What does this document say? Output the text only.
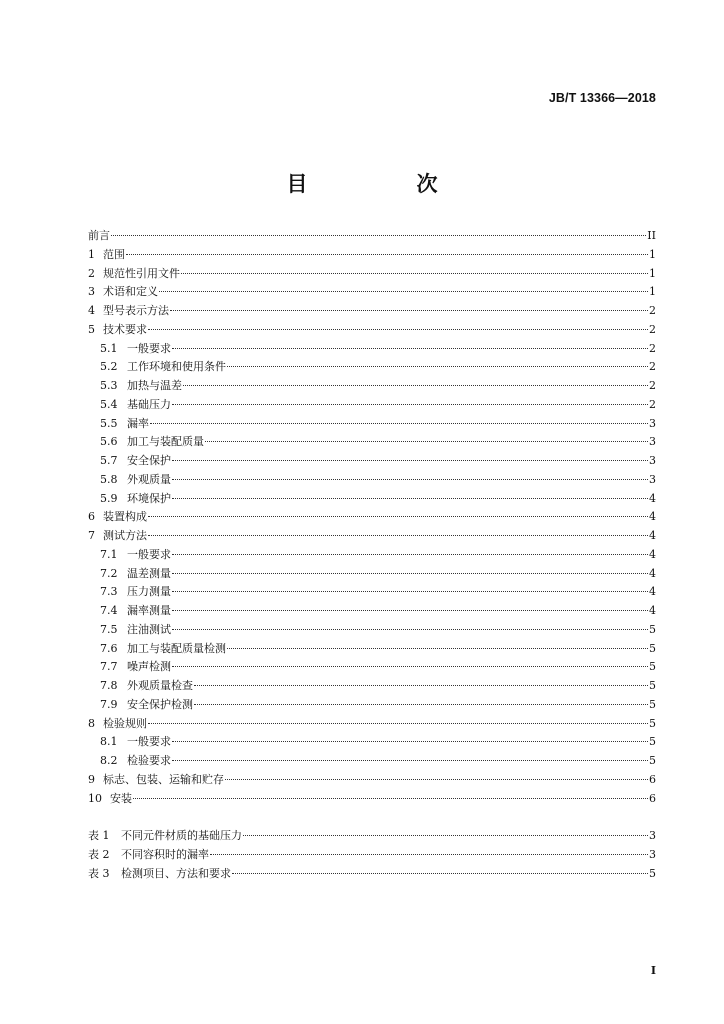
JB/T 13366—2018
目　次
前言	II
1 范围	1
2 规范性引用文件	1
3 术语和定义	1
4 型号表示方法	2
5 技术要求	2
5.1 一般要求	2
5.2 工作环境和使用条件	2
5.3 加热与温差	2
5.4 基础压力	2
5.5 漏率	3
5.6 加工与装配质量	3
5.7 安全保护	3
5.8 外观质量	3
5.9 环境保护	4
6 装置构成	4
7 测试方法	4
7.1 一般要求	4
7.2 温差测量	4
7.3 压力测量	4
7.4 漏率测量	4
7.5 注油测试	5
7.6 加工与装配质量检测	5
7.7 噪声检测	5
7.8 外观质量检查	5
7.9 安全保护检测	5
8 检验规则	5
8.1 一般要求	5
8.2 检验要求	5
9 标志、包装、运输和贮存	6
10 安装	6
表 1	不同元件材质的基础压力	3
表 2	不同容积时的漏率	3
表 3	检测项目、方法和要求	5
I
